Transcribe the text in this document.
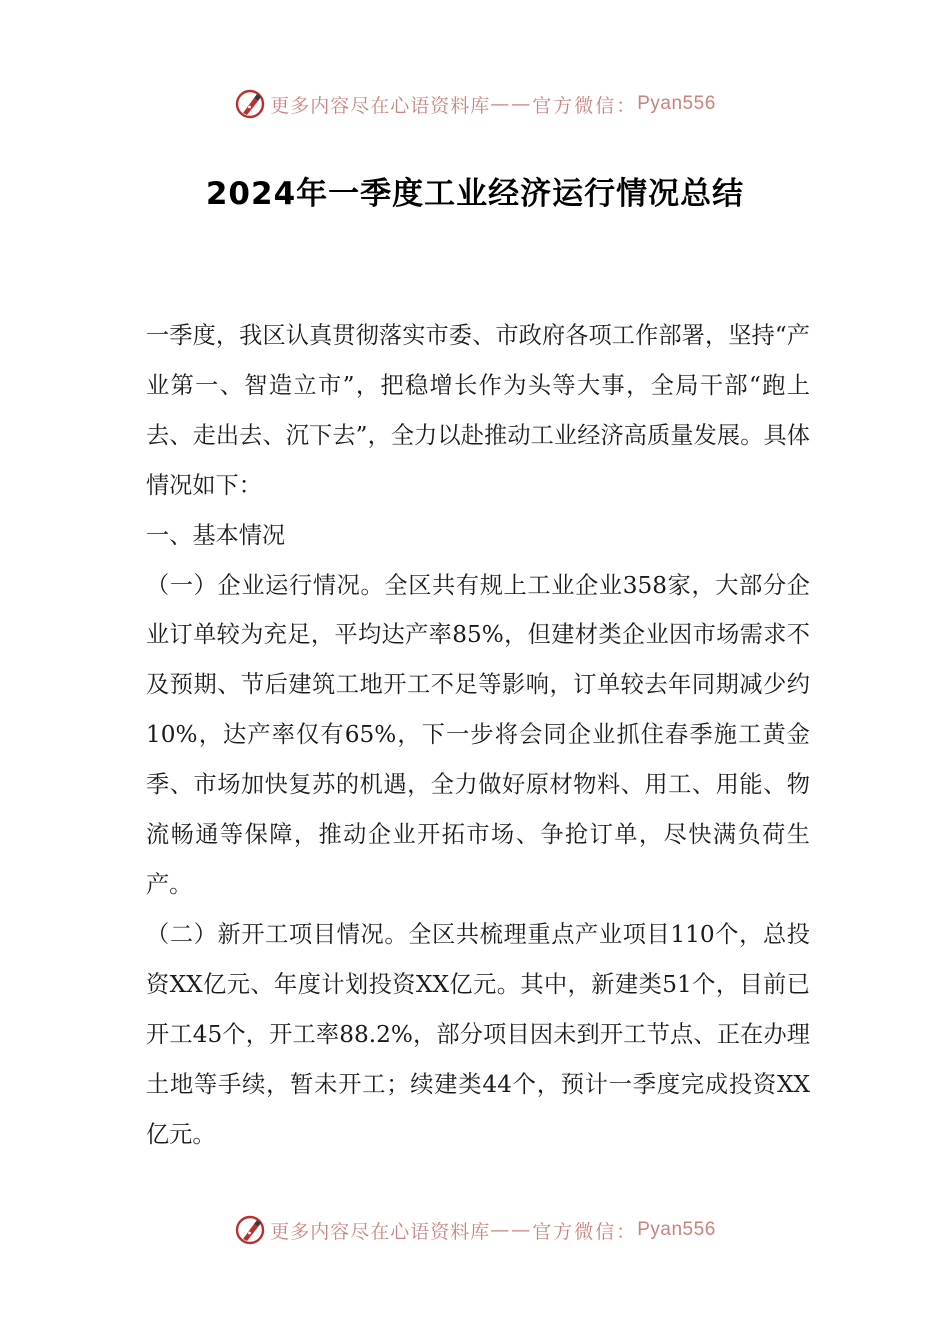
更多内容尽在心语资料库 —— 官方微信： Pyan556
2024年一季度工业经济运行情况总结

一季度，我区认真贯彻落实市委、市政府各项工作部署，坚持“产业第一、智造立市”，把稳增长作为头等大事，全局干部“跑上去、走出去、沉下去”，全力以赴推动工业经济高质量发展。具体情况如下：

一、基本情况

（一）企业运行情况。全区共有规上工业企业358家，大部分企业订单较为充足，平均达产率85%，但建材类企业因市场需求不及预期、节后建筑工地开工不足等影响，订单较去年同期减少约10%，达产率仅有65%，下一步将会同企业抓住春季施工黄金季、市场加快复苏的机遇，全力做好原材物料、用工、用能、物流畅通等保障，推动企业开拓市场、争抢订单，尽快满负荷生产。

（二）新开工项目情况。全区共梳理重点产业项目110个，总投资XX亿元、年度计划投资XX亿元。其中，新建类51个，目前已开工45个，开工率88.2%，部分项目因未到开工节点、正在办理土地等手续，暂未开工；续建类44个，预计一季度完成投资XX亿元。

更多内容尽在心语资料库 —— 官方微信： Pyan556
